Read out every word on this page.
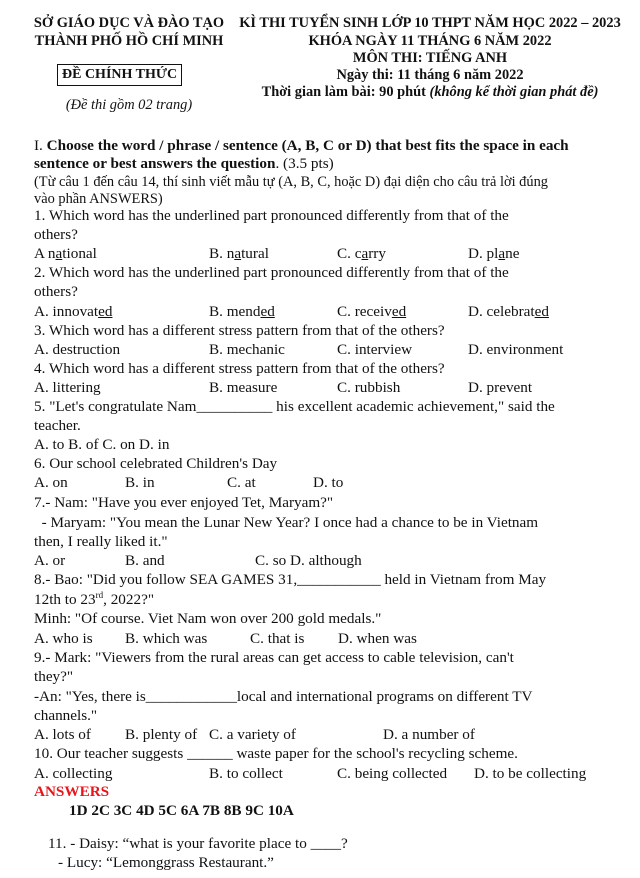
SỞ GIÁO DỤC VÀ ĐÀO TẠO
THÀNH PHỐ HỒ CHÍ MINH
ĐỀ CHÍNH THỨC
(Đề thi gồm 02 trang)
KÌ THI TUYỂN SINH LỚP 10 THPT NĂM HỌC 2022 – 2023
KHÓA NGÀY 11 THÁNG 6 NĂM 2022
MÔN THI: TIẾNG ANH
Ngày thi: 11 tháng 6 năm 2022
Thời gian làm bài: 90 phút (không kể thời gian phát đề)
I. Choose the word / phrase / sentence (A, B, C or D) that best fits the space in each
sentence or best answers the question. (3.5 pts)
(Từ câu 1 đến câu 14, thí sinh viết mẫu tự (A, B, C, hoặc D) đại diện cho câu trả lời đúng
vào phần ANSWERS)
1. Which word has the underlined part pronounced differently from that of the
others?
A national	B. natural	C. carry	D. plane
2. Which word has the underlined part pronounced differently from that of the
others?
A. innovated	B. mended	C. received	D. celebrated
3. Which word has a different stress pattern from that of the others?
A. destruction	B. mechanic	C. interview	D. environment
4. Which word has a different stress pattern from that of the others?
A. littering	B. measure	C. rubbish	D. prevent
5. "Let's congratulate Nam__________ his excellent academic achievement," said the
teacher.
A. to B. of C. on D. in
6. Our school celebrated Children's Day
A. on	B. in	C. at	D. to
7.- Nam: "Have you ever enjoyed Tet, Maryam?"
- Maryam: "You mean the Lunar New Year? I once had a chance to be in Vietnam
then, I really liked it."
A. or	B. and	C. so D. although
8.- Bao: "Did you follow SEA GAMES 31,___________ held in Vietnam from May
12th to 23rd, 2022?"
Minh: "Of course. Viet Nam won over 200 gold medals."
A. who is B. which was	C. that is D. when was
9.- Mark: "Viewers from the rural areas can get access to cable television, can't
they?"
-An: "Yes, there is____________local and international programs on different TV
channels."
A. lots of B. plenty of C. a variety of	D. a number of
10. Our teacher suggests ______ waste paper for the school's recycling scheme.
A. collecting	B. to collect	C. being collected D. to be collecting
ANSWERS
1D 2C 3C 4D 5C 6A 7B 8B 9C 10A
11. - Daisy: “what is your favorite place to ____?
- Lucy: “Lemonggrass Restaurant.”
